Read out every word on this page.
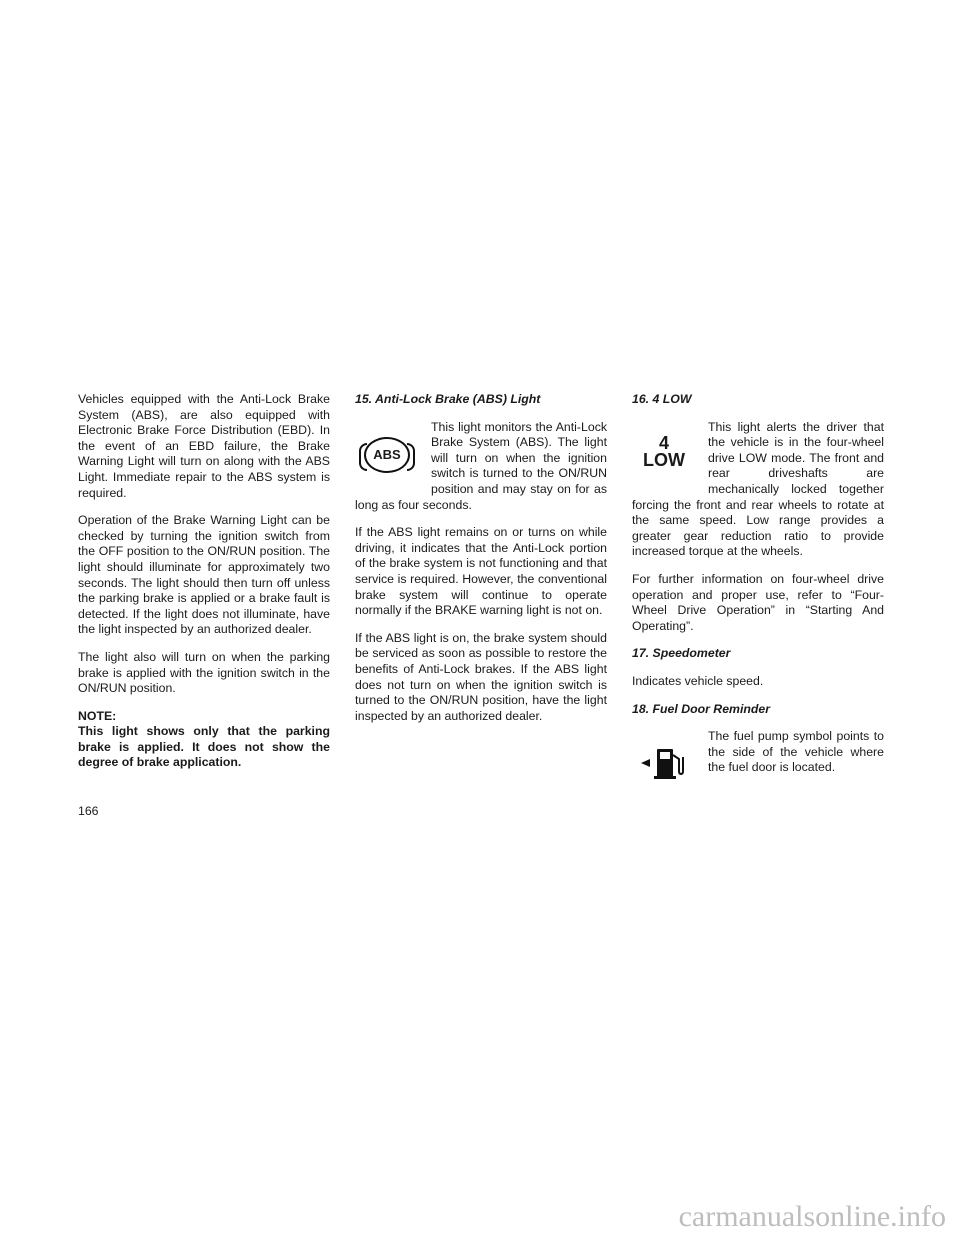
Vehicles equipped with the Anti-Lock Brake System (ABS), are also equipped with Electronic Brake Force Distribution (EBD). In the event of an EBD failure, the Brake Warning Light will turn on along with the ABS Light. Immediate repair to the ABS system is required.

Operation of the Brake Warning Light can be checked by turning the ignition switch from the OFF position to the ON/RUN position. The light should illuminate for approximately two seconds. The light should then turn off unless the parking brake is applied or a brake fault is detected. If the light does not illuminate, have the light inspected by an authorized dealer.

The light also will turn on when the parking brake is applied with the ignition switch in the ON/RUN position.

NOTE:
This light shows only that the parking brake is applied. It does not show the degree of brake application.
15. Anti-Lock Brake (ABS) Light
ABS

This light monitors the Anti-Lock Brake System (ABS). The light will turn on when the ignition switch is turned to the ON/RUN position and may stay on for as long as four seconds.

If the ABS light remains on or turns on while driving, it indicates that the Anti-Lock portion of the brake system is not functioning and that service is required. However, the conventional brake system will continue to operate normally if the BRAKE warning light is not on.

If the ABS light is on, the brake system should be serviced as soon as possible to restore the benefits of Anti-Lock brakes. If the ABS light does not turn on when the ignition switch is turned to the ON/RUN position, have the light inspected by an authorized dealer.

16. 4 LOW
4
LOW

This light alerts the driver that the vehicle is in the four-wheel drive LOW mode. The front and rear driveshafts are mechanically locked together forcing the front and rear wheels to rotate at the same speed. Low range provides a greater gear reduction ratio to provide increased torque at the wheels.

For further information on four-wheel drive operation and proper use, refer to “Four-Wheel Drive Operation” in “Starting And Operating”.

17. Speedometer

Indicates vehicle speed.

18. Fuel Door Reminder

The fuel pump symbol points to the side of the vehicle where the fuel door is located.

166
carmanualsonline.info
